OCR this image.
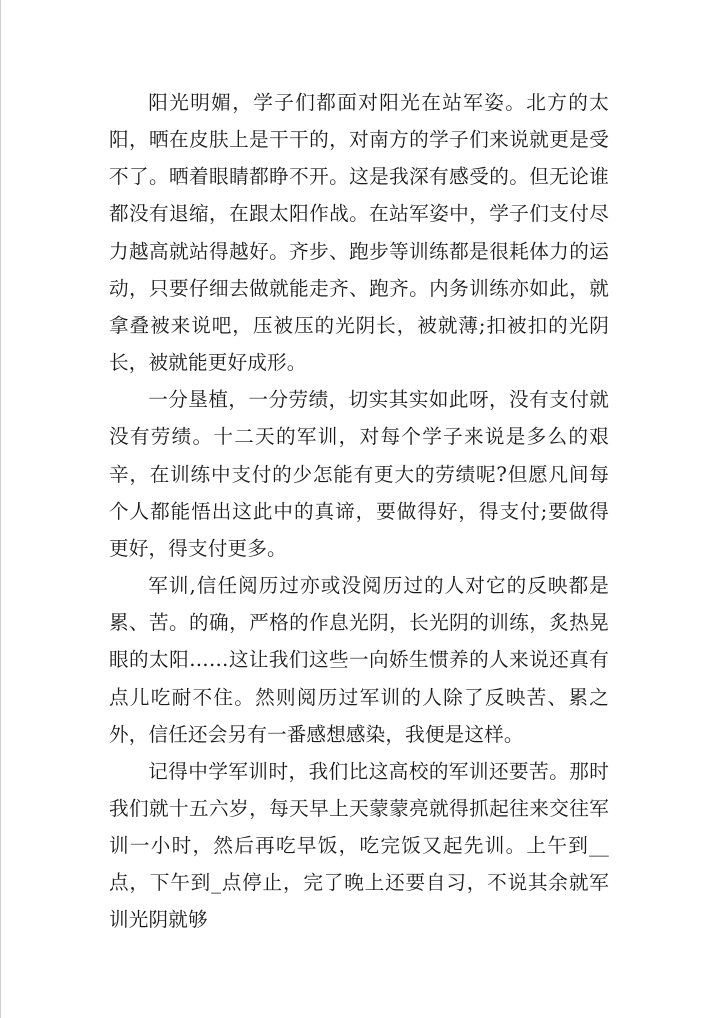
阳光明媚，学子们都面对阳光在站军姿。北方的太阳，晒在皮肤上是干干的，对南方的学子们来说就更是受不了。晒着眼睛都睁不开。这是我深有感受的。但无论谁都没有退缩，在跟太阳作战。在站军姿中，学子们支付尽力越高就站得越好。齐步、跑步等训练都是很耗体力的运动，只要仔细去做就能走齐、跑齐。内务训练亦如此，就拿叠被来说吧，压被压的光阴长，被就薄;扣被扣的光阴长，被就能更好成形。

一分垦植，一分劳绩，切实其实如此呀，没有支付就没有劳绩。十二天的军训，对每个学子来说是多么的艰辛，在训练中支付的少怎能有更大的劳绩呢?但愿凡间每个人都能悟出这此中的真谛，要做得好，得支付;要做得更好，得支付更多。

军训,信任阅历过亦或没阅历过的人对它的反映都是累、苦。的确，严格的作息光阴，长光阴的训练，炙热晃眼的太阳……这让我们这些一向娇生惯养的人来说还真有点儿吃耐不住。然则阅历过军训的人除了反映苦、累之外，信任还会另有一番感想感染，我便是这样。

记得中学军训时，我们比这高校的军训还要苦。那时我们就十五六岁，每天早上天蒙蒙亮就得抓起往来交往军训一小时，然后再吃早饭，吃完饭又起先训。上午到__点，下午到_点停止，完了晚上还要自习，不说其余就军训光阴就够
